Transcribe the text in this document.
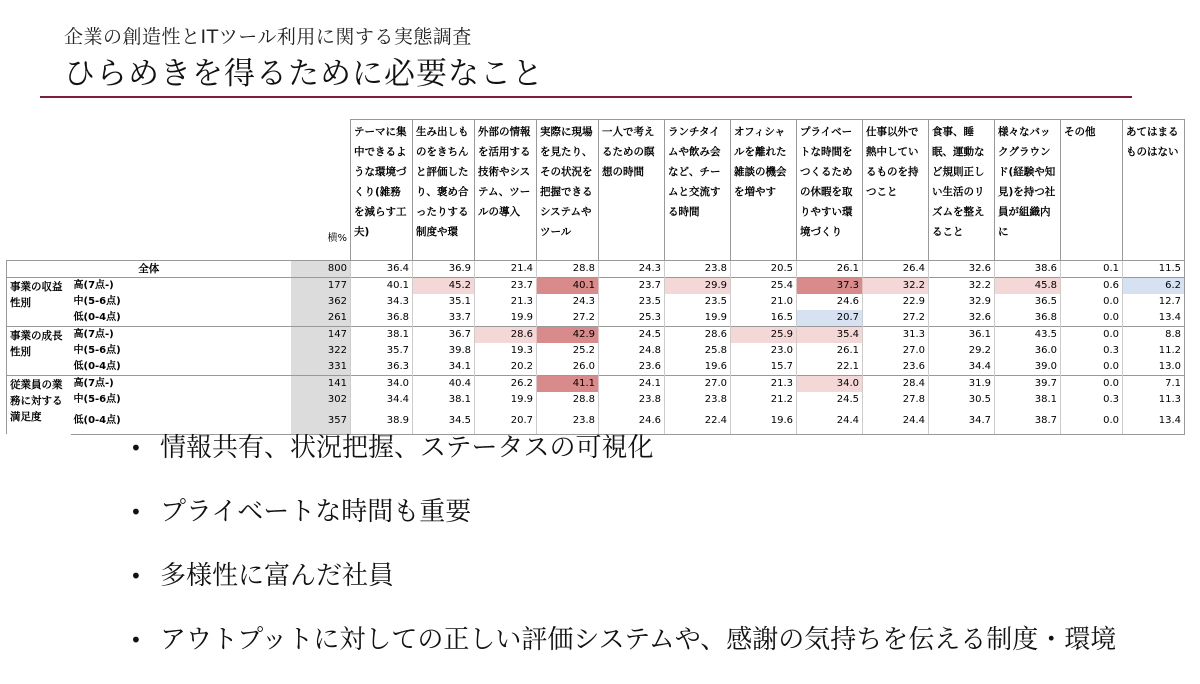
企業の創造性とITツール利用に関する実態調査
ひらめきを得るために必要なこと
		横%	テーマに集中できるような環境づくり(雑務を減らす工夫)	生み出しものをきちんと評価したり、褒め合ったりする制度や環	外部の情報を活用する技術やシステム、ツールの導入	実際に現場を見たり、その状況を把握できるシステムやツール	一人で考えるための瞑想の時間	ランチタイムや飲み会など、チームと交流する時間	オフィシャルを離れた雑談の機会を増やす	プライベートな時間をつくるための休暇を取りやすい環境づくり	仕事以外で熱中しているものを持つこと	食事、睡眠、運動など規則正しい生活のリズムを整えること	様々なバックグラウンド(経験や知見)を持つ社員が組織内に	その他	あてはまるものはない
全体		800	36.4	36.9	21.4	28.8	24.3	23.8	20.5	26.1	26.4	32.6	38.6	0.1	11.5
事業の収益性別	高(7点-)	177	40.1	45.2	23.7	40.1	23.7	29.9	25.4	37.3	32.2	32.2	45.8	0.6	6.2
	中(5-6点)	362	34.3	35.1	21.3	24.3	23.5	23.5	21.0	24.6	22.9	32.9	36.5	0.0	12.7
	低(0-4点)	261	36.8	33.7	19.9	27.2	25.3	19.9	16.5	20.7	27.2	32.6	36.8	0.0	13.4
事業の成長性別	高(7点-)	147	38.1	36.7	28.6	42.9	24.5	28.6	25.9	35.4	31.3	36.1	43.5	0.0	8.8
	中(5-6点)	322	35.7	39.8	19.3	25.2	24.8	25.8	23.0	26.1	27.0	29.2	36.0	0.3	11.2
	低(0-4点)	331	36.3	34.1	20.2	26.0	23.6	19.6	15.7	22.1	23.6	34.4	39.0	0.0	13.0
従業員の業務に対する満足度	高(7点-)	141	34.0	40.4	26.2	41.1	24.1	27.0	21.3	34.0	28.4	31.9	39.7	0.0	7.1
	中(5-6点)	302	34.4	38.1	19.9	28.8	23.8	23.8	21.2	24.5	27.8	30.5	38.1	0.3	11.3
	低(0-4点)	357	38.9	34.5	20.7	23.8	24.6	22.4	19.6	24.4	24.4	34.7	38.7	0.0	13.4
• 情報共有、状況把握、ステータスの可視化
• プライベートな時間も重要
• 多様性に富んだ社員
• アウトプットに対しての正しい評価システムや、感謝の気持ちを伝える制度・環境
